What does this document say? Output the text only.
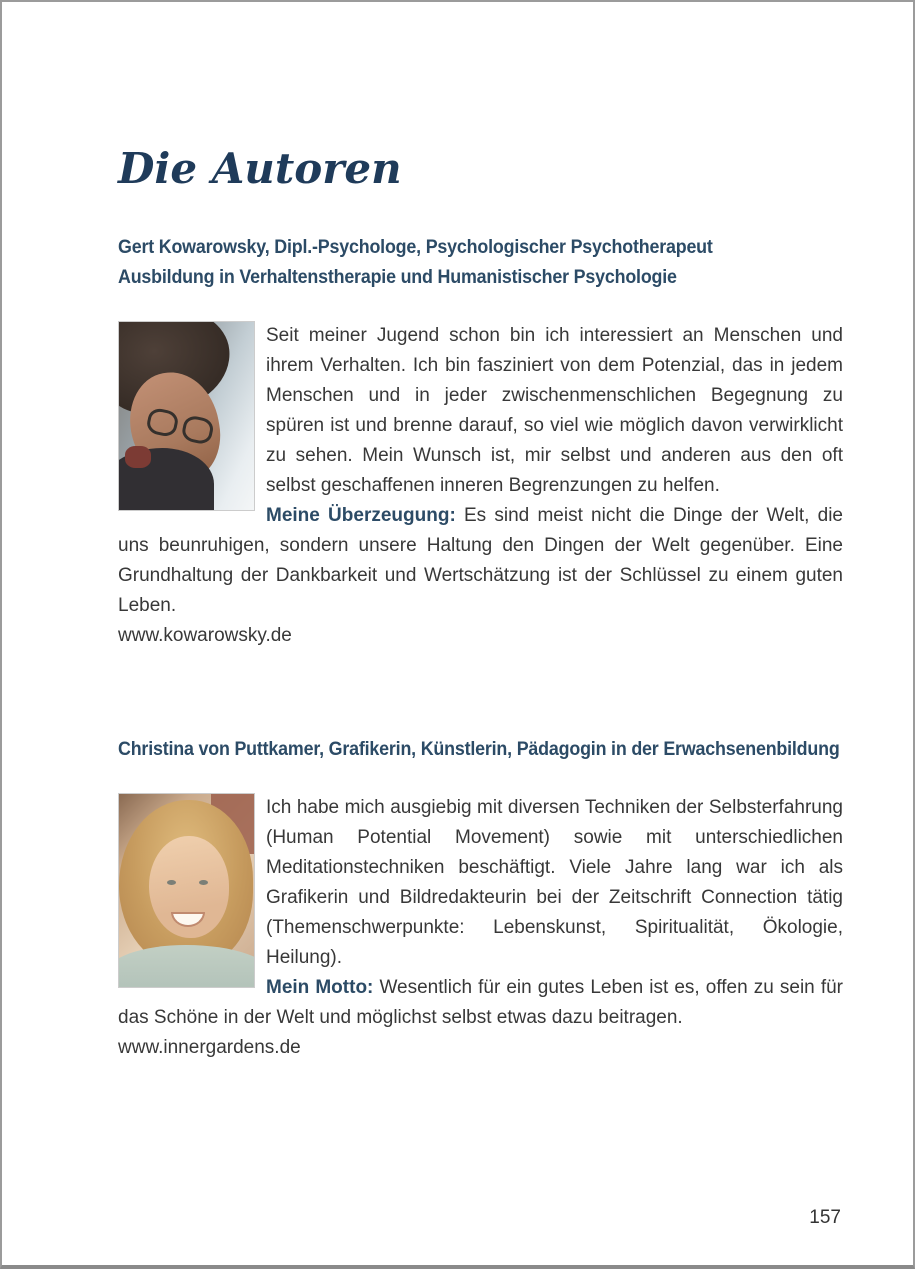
Die Autoren
Gert Kowarowsky, Dipl.-Psychologe, Psychologischer Psychotherapeut
Ausbildung in Verhaltenstherapie und Humanistischer Psychologie

Seit meiner Jugend schon bin ich interessiert an Menschen und ihrem Verhalten. Ich bin fasziniert von dem Potenzial, das in jedem Menschen und in jeder zwischenmenschlichen Begegnung zu spüren ist und brenne darauf, so viel wie möglich davon verwirklicht zu sehen. Mein Wunsch ist, mir selbst und anderen aus den oft selbst geschaffenen inneren Begrenzungen zu helfen.
Meine Überzeugung: Es sind meist nicht die Dinge der Welt, die uns beunruhigen, sondern unsere Haltung den Dingen der Welt gegenüber. Eine Grundhaltung der Dankbarkeit und Wertschätzung ist der Schlüssel zu einem guten Leben.

www.kowarowsky.de
Christina von Puttkamer, Grafikerin, Künstlerin, Pädagogin in der Erwachsenenbildung

Ich habe mich ausgiebig mit diversen Techniken der Selbsterfahrung (Human Potential Movement) sowie mit unterschiedlichen Meditationstechniken beschäftigt. Viele Jahre lang war ich als Grafikerin und Bildredakteurin bei der Zeitschrift Connection tätig (Themenschwerpunkte: Lebenskunst, Spiritualität, Ökologie, Heilung).
Mein Motto: Wesentlich für ein gutes Leben ist es, offen zu sein für das Schöne in der Welt und möglichst selbst etwas dazu beitragen.

www.innergardens.de
157
